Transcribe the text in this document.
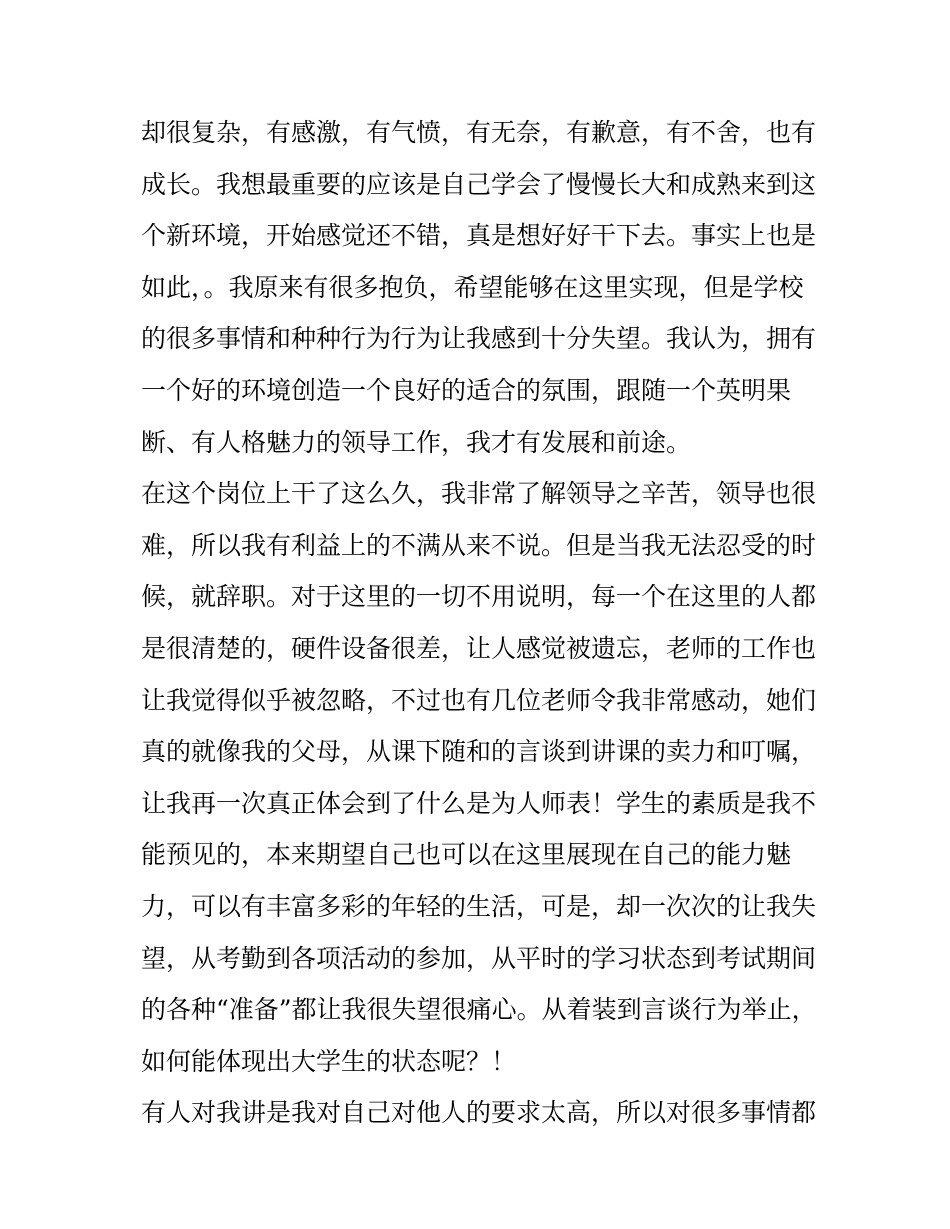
却很复杂，有感激，有气愤，有无奈，有歉意，有不舍，也有
成长。我想最重要的应该是自己学会了慢慢长大和成熟来到这
个新环境，开始感觉还不错，真是想好好干下去。事实上也是
如此，。我原来有很多抱负，希望能够在这里实现，但是学校
的很多事情和种种行为行为让我感到十分失望。我认为，拥有
一个好的环境创造一个良好的适合的氛围，跟随一个英明果
断、有人格魅力的领导工作，我才有发展和前途。
在这个岗位上干了这么久，我非常了解领导之辛苦，领导也很
难，所以我有利益上的不满从来不说。但是当我无法忍受的时
候，就辞职。对于这里的一切不用说明，每一个在这里的人都
是很清楚的，硬件设备很差，让人感觉被遗忘，老师的工作也
让我觉得似乎被忽略，不过也有几位老师令我非常感动，她们
真的就像我的父母，从课下随和的言谈到讲课的卖力和叮嘱，
让我再一次真正体会到了什么是为人师表！学生的素质是我不
能预见的，本来期望自己也可以在这里展现在自己的能力魅
力，可以有丰富多彩的年轻的生活，可是，却一次次的让我失
望，从考勤到各项活动的参加，从平时的学习状态到考试期间
的各种“准备”都让我很失望很痛心。从着装到言谈行为举止，
如何能体现出大学生的状态呢？！
有人对我讲是我对自己对他人的要求太高，所以对很多事情都
